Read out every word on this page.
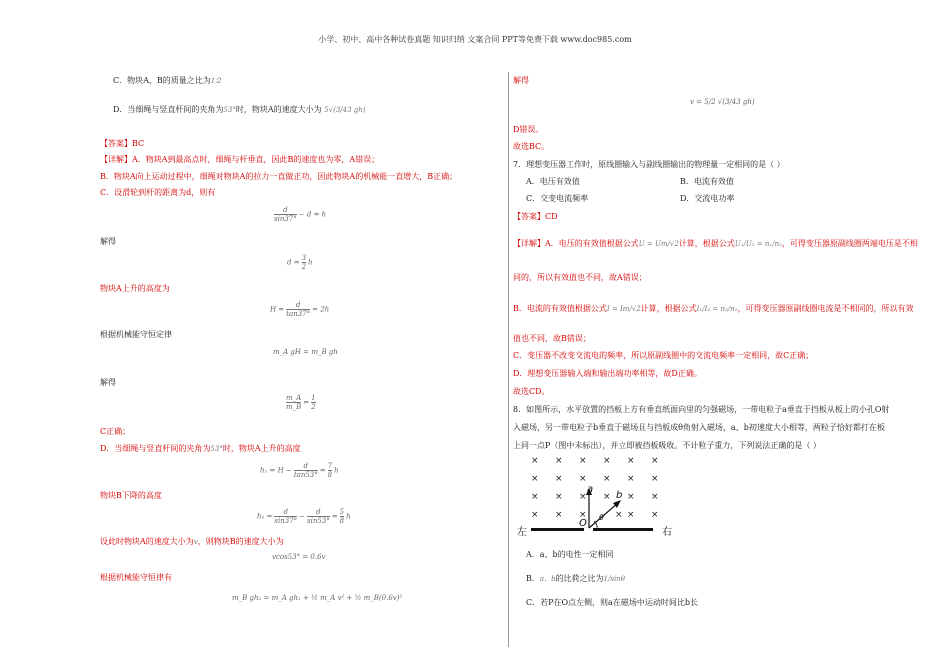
小学、初中、高中各种试卷真题 知识归纳 文案合同 PPT等免费下载 www.doc985.com
C．物块A、B的质量之比为1∶2
D．当细绳与竖直杆间的夹角为53°时，物块A的速度大小为 5√(3/43 gh)
【答案】BC
【详解】A．物块A到最高点时，细绳与杆垂直，因此B的速度也为零，A错误；
B．物块A向上运动过程中，细绳对物块A的拉力一直做正功，因此物块A的机械能一直增大，B正确；
C．设滑轮到杆的距离为d，则有
$\frac{d}{\sin 37^\circ} - d = h$
解得
$d = \frac{3}{2}$ h
物块A上升的高度为
$H = \frac{d}{\tan 37^\circ} = 2h$
根据机械能守恒定律
m_A gH = m_B gh
解得
$\frac{m\_A}{m\_B} = \frac{1}{2}$
C正确；
D．当细绳与竖直杆间的夹角为53°时，物块A上升的高度
$h_1 = H - \frac{d}{\tan 53^\circ} = \frac{7}{8}$ h
物块B下降的高度
$h_2 = \frac{d}{\sin 37^\circ} - \frac{d}{\sin 53^\circ} = \frac{5}{8}$ h
设此时物块A的速度大小为v，则物块B的速度大小为
vcos53° = 0.6v
根据机械能守恒律有
m_B gh₂ = m_A gh₁ + ½ m_A v² + ½ m_B(0.6v)²
解得
v = 5/2 √(3/43 gh)
D错误。
故选BC。
7．理想变压器工作时，原线圈输入与副线圈输出的物理量一定相同的是（ ）
A．电压有效值	B．电流有效值
C．交变电流频率	D．交流电功率
【答案】CD
【详解】A．电压的有效值根据公式U = Um/√2计算，根据公式U₁/U₂ = n₁/n₂，可得变压器原副线圈两端电压是不相
同的，所以有效值也不同，故A错误；
B．电流的有效值根据公式I = Im/√2计算，根据公式I₁/I₂ = n₂/n₁，可得变压器原副线圈电流是不相同的，所以有效
值也不同，故B错误；
C．变压器不改变交流电的频率，所以原副线圈中的交流电频率一定相同，故C正确；
D．理想变压器输入端和输出端功率相等，故D正确。
故选CD。
8．如图所示，水平放置的挡板上方有垂直纸面向里的匀强磁场，一带电粒子a垂直于挡板从板上的小孔O射
入磁场，另一带电粒子b垂直于磁场且与挡板成θ角射入磁场，a、b初速度大小相等，两粒子恰好都打在板
上同一点P（图中未标出），并立即被挡板吸收。不计粒子重力，下列说法正确的是（ ）
× × × × × ×
× × × × × ×
× × × × × ×
× × ×	× × ×
左	右
O
a
b
θ
A．a、b的电性一定相同
B．a、b的比荷之比为1/sinθ
C．若P在O点左侧，则a在磁场中运动时间比b长
